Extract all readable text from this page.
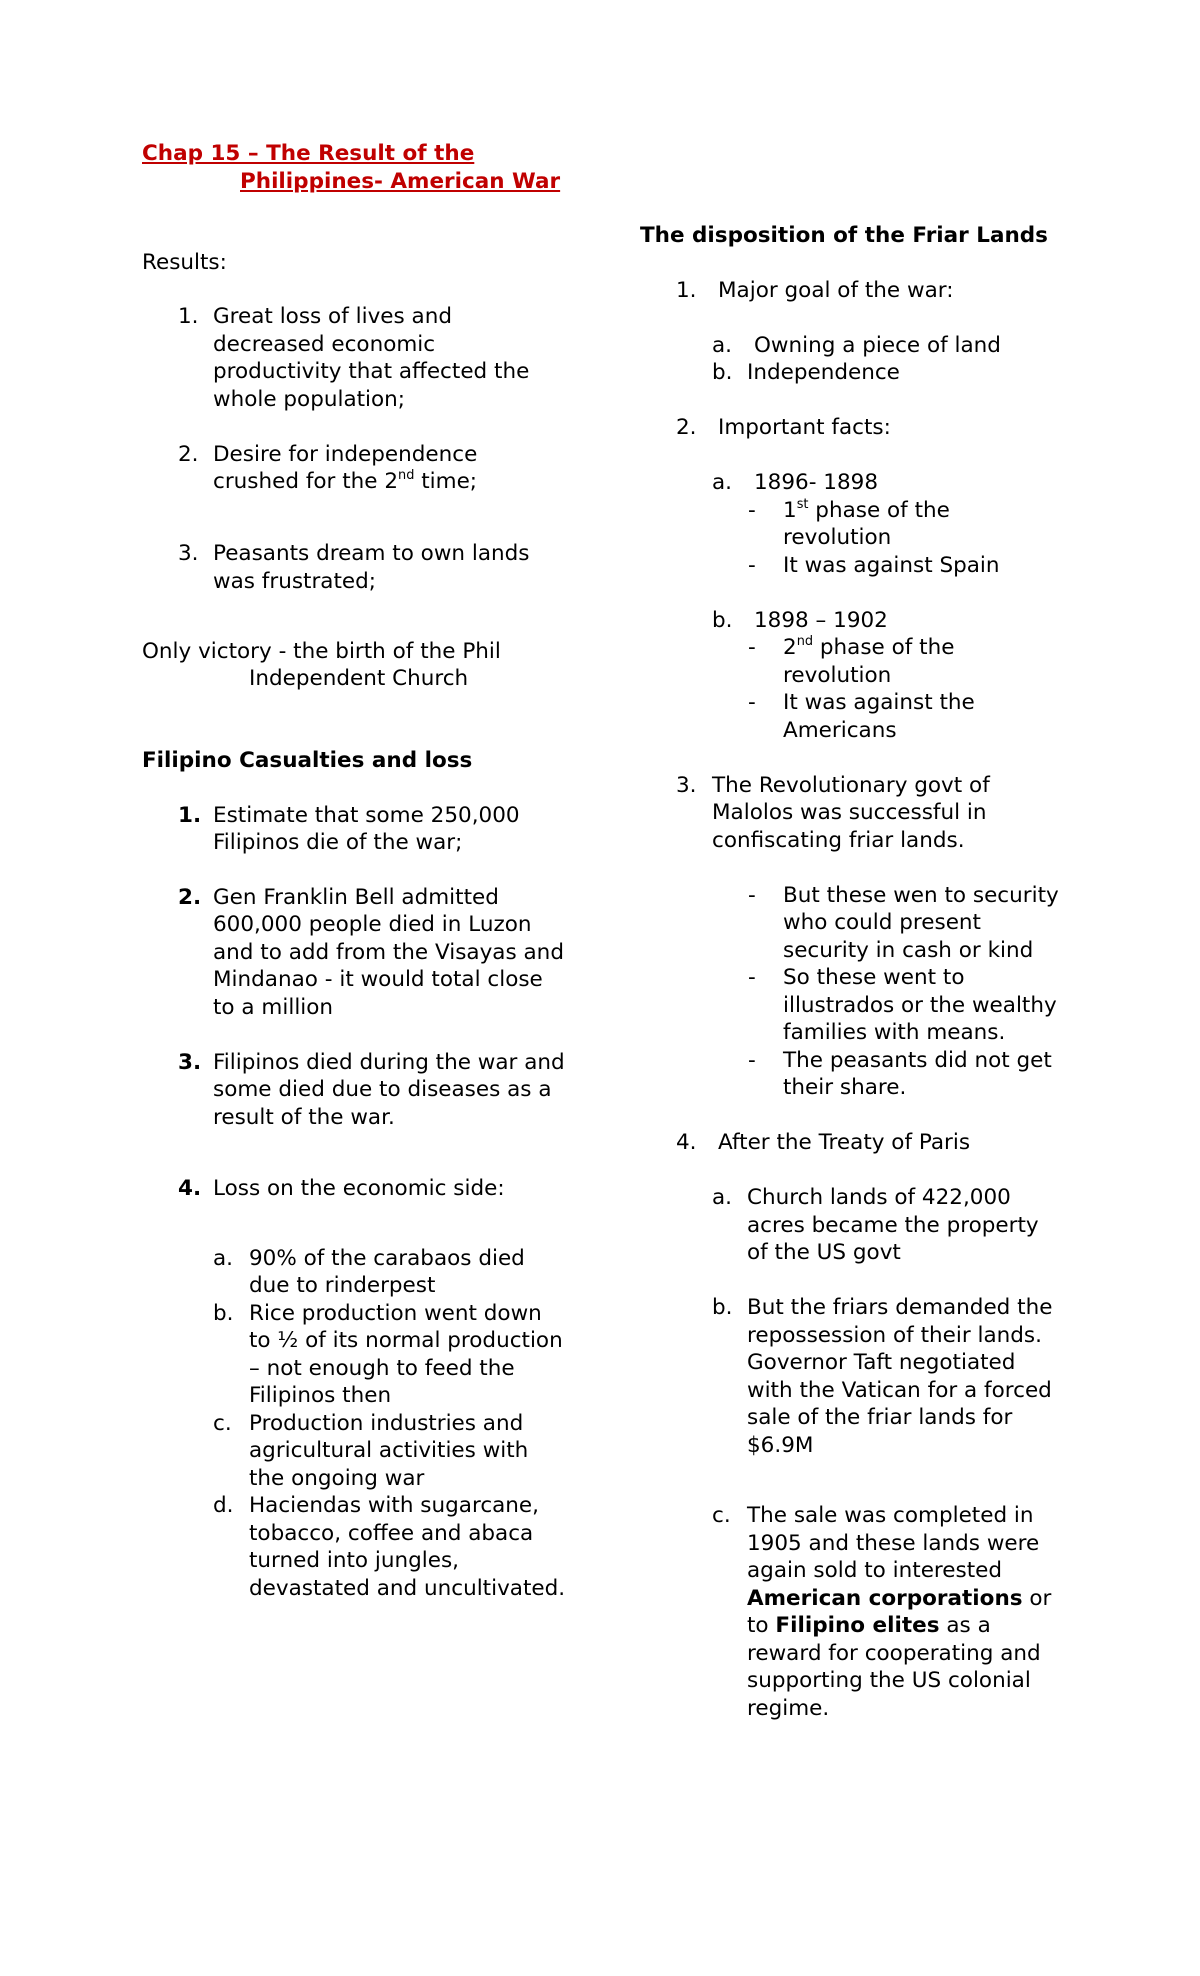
Chap 15 – The Result of the
Philippines- American War
Results:
1. Great loss of lives and
decreased economic
productivity that affected the
whole population;
2. Desire for independence
crushed for the 2nd time;
3. Peasants dream to own lands
was frustrated;
Only victory - the birth of the Phil
Independent Church
Filipino Casualties and loss
1. Estimate that some 250,000
Filipinos die of the war;
2. Gen Franklin Bell admitted
600,000 people died in Luzon
and to add from the Visayas and
Mindanao - it would total close
to a million
3. Filipinos died during the war and
some died due to diseases as a
result of the war.
4. Loss on the economic side:
a. 90% of the carabaos died
due to rinderpest
b. Rice production went down
to ½ of its normal production
– not enough to feed the
Filipinos then
c. Production industries and
agricultural activities with
the ongoing war
d. Haciendas with sugarcane,
tobacco, coffee and abaca
turned into jungles,
devastated and uncultivated.
The disposition of the Friar Lands
1. Major goal of the war:
a. Owning a piece of land
b. Independence
2. Important facts:
a. 1896- 1898
- 1st phase of the
revolution
- It was against Spain
b. 1898 – 1902
- 2nd phase of the
revolution
- It was against the
Americans
3. The Revolutionary govt of
Malolos was successful in
confiscating friar lands.
- But these wen to security
who could present
security in cash or kind
- So these went to
illustrados or the wealthy
families with means.
- The peasants did not get
their share.
4. After the Treaty of Paris
a. Church lands of 422,000
acres became the property
of the US govt
b. But the friars demanded the
repossession of their lands.
Governor Taft negotiated
with the Vatican for a forced
sale of the friar lands for
$6.9M
c. The sale was completed in
1905 and these lands were
again sold to interested
American corporations or
to Filipino elites as a
reward for cooperating and
supporting the US colonial
regime.
